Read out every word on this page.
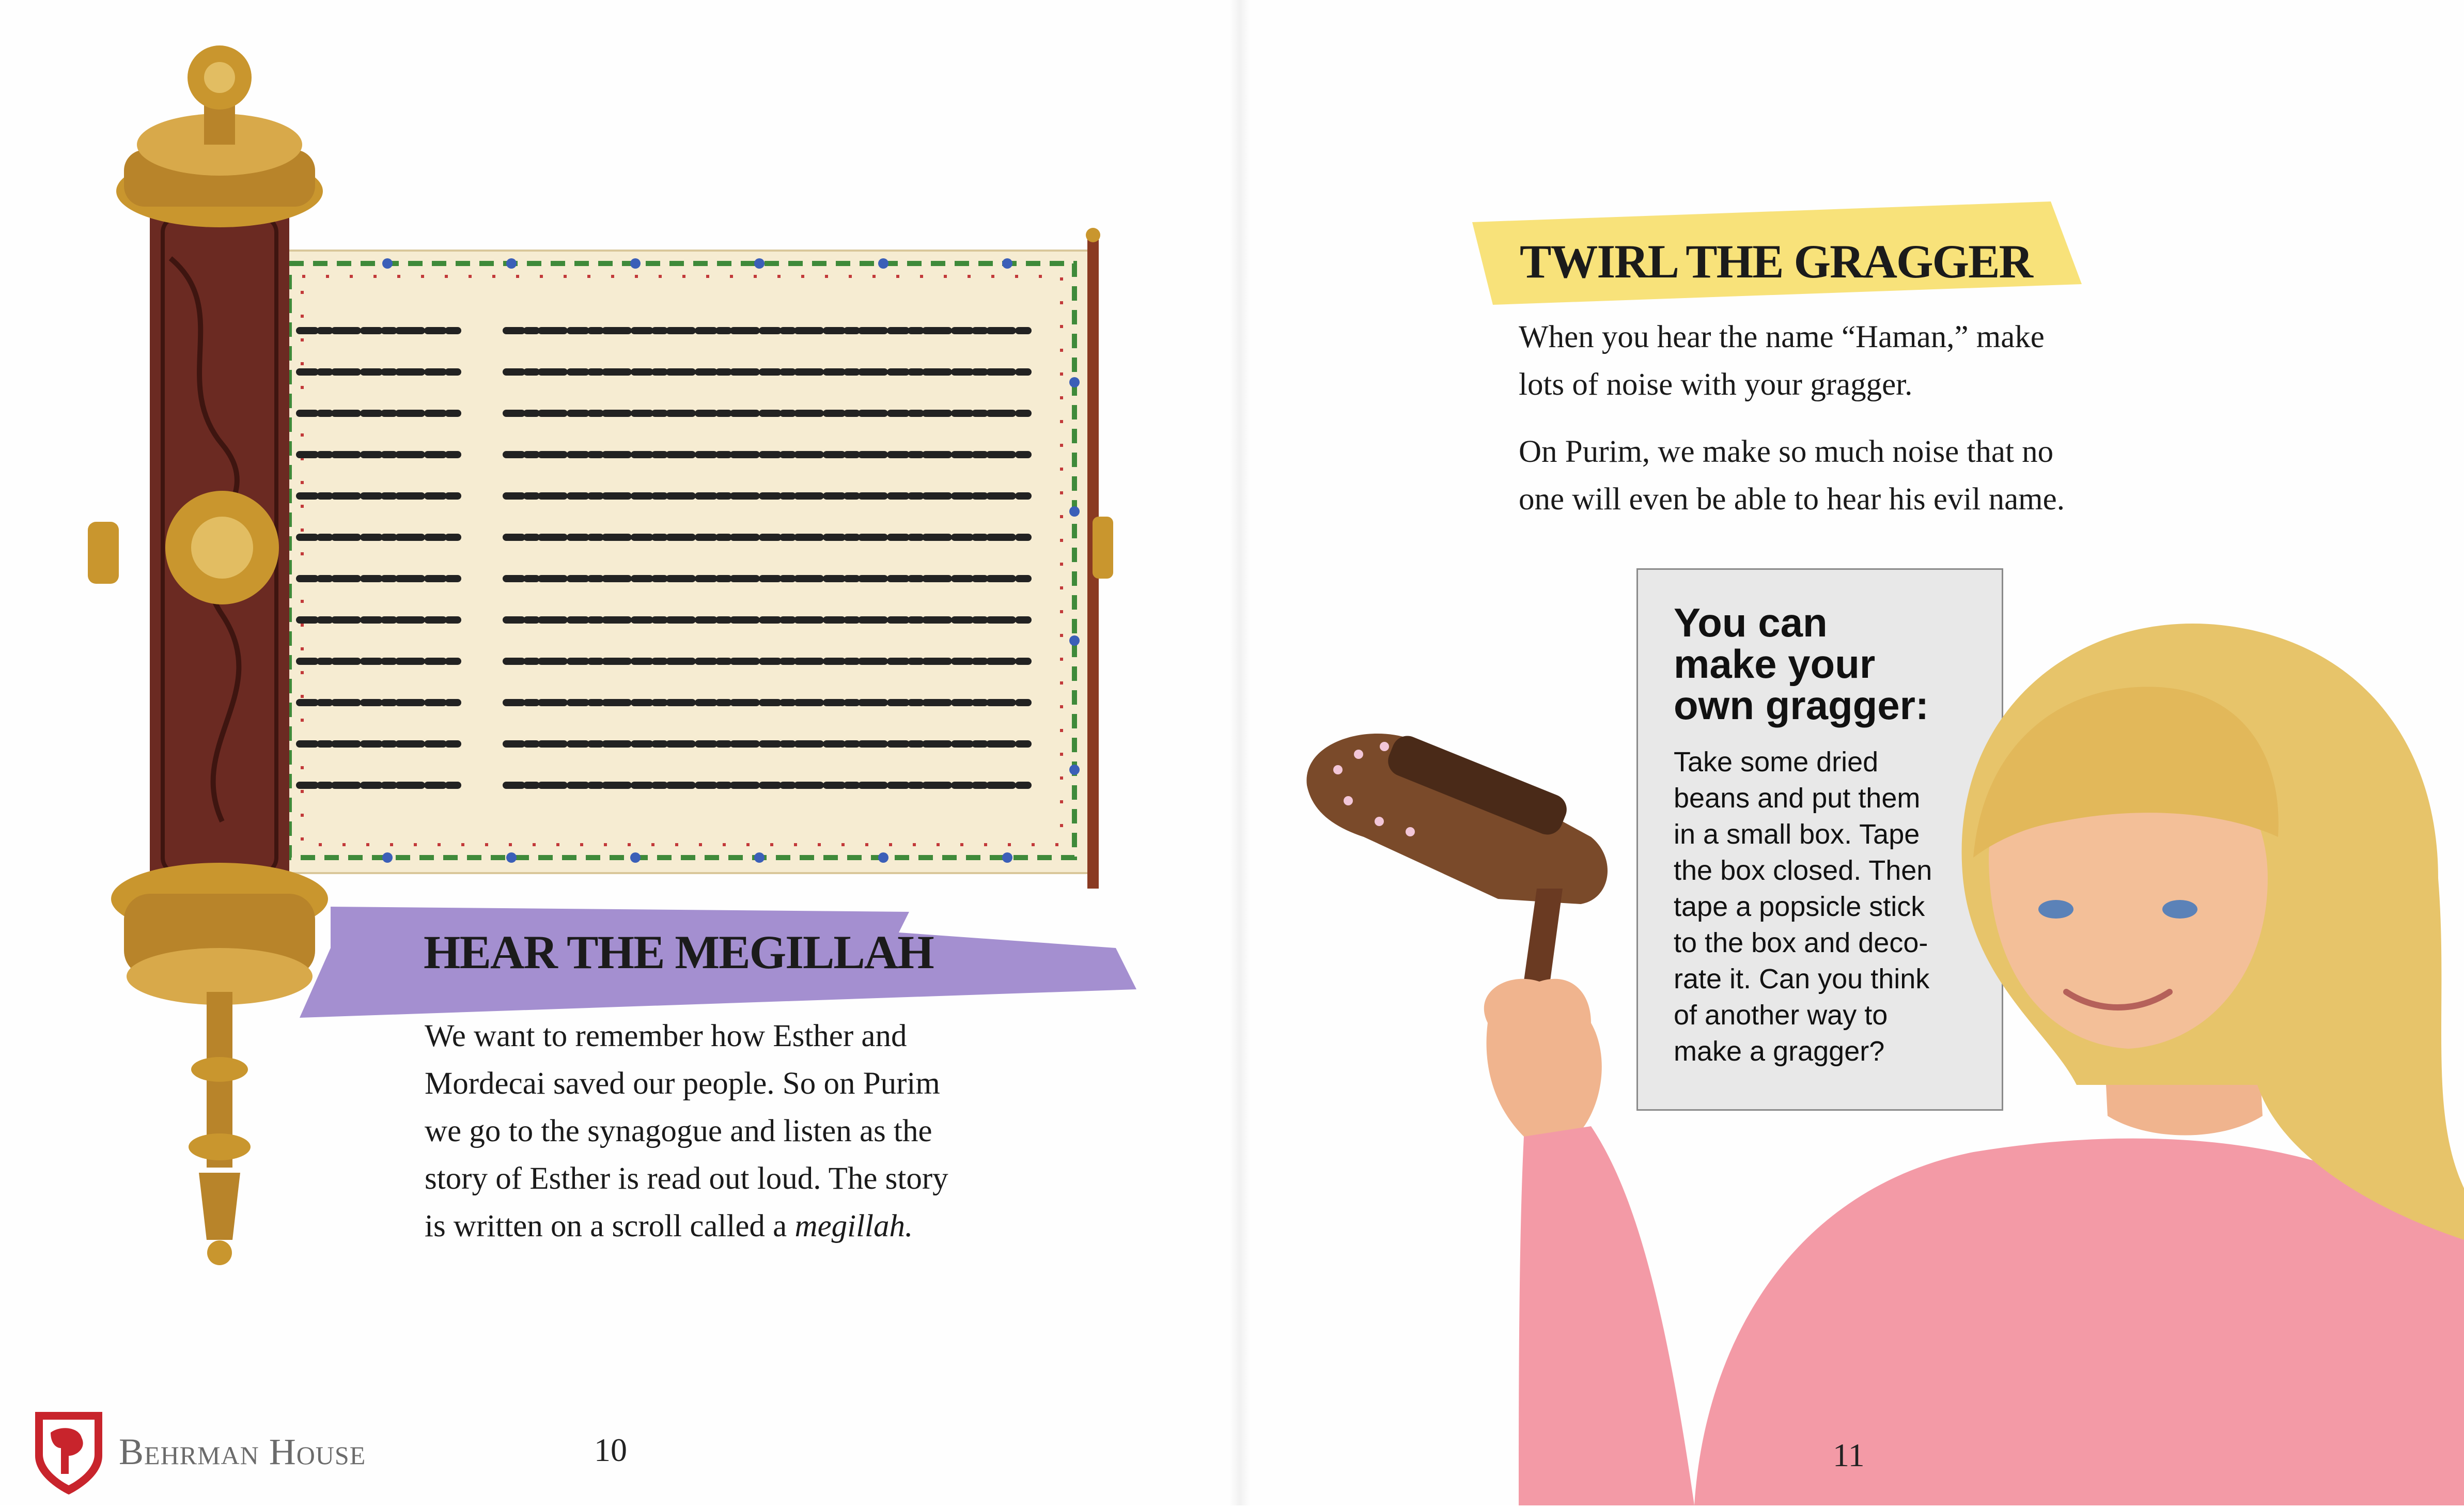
HEAR THE MEGILLAH

We want to remember how Esther and

Mordecai saved our people. So on Purim

we go to the synagogue and listen as the

story of Esther is read out loud. The story

is written on a scroll called a megillah.

Behrman House	10
TWIRL THE GRAGGER

When you hear the name “Haman,” make
lots of noise with your gragger.

On Purim, we make so much noise that no
one will even be able to hear his evil name.

You can
make your
own gragger:
Take some dried
beans and put them
in a small box. Tape
the box closed. Then
tape a popsicle stick
to the box and deco-
rate it. Can you think
of another way to
make a gragger?
11
